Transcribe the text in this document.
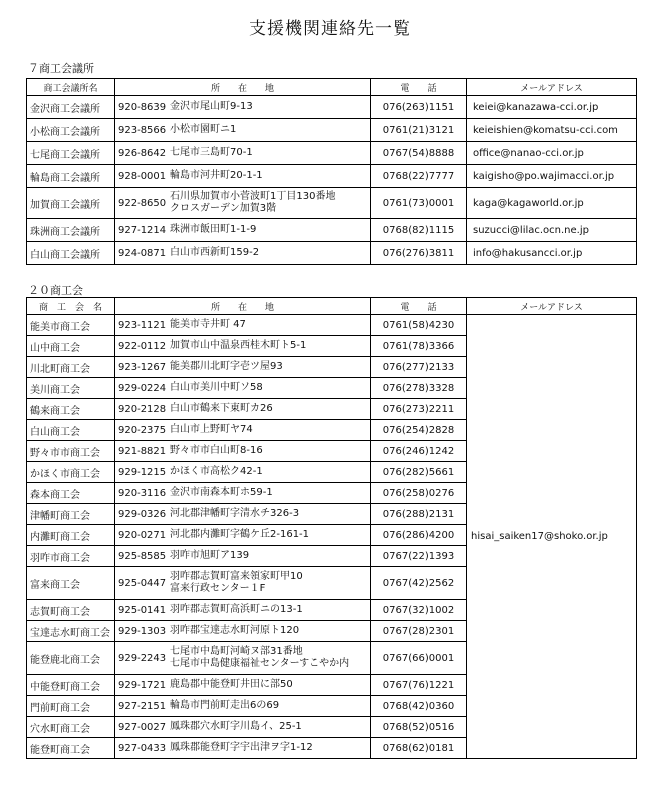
支援機関連絡先一覧
７商工会議所
商工会議所名	所　　在　　地	電　　話	メールアドレス
金沢商工会議所	920-8639 金沢市尾山町9-13	076(263)1151	keiei@kanazawa-cci.or.jp
小松商工会議所	923-8566 小松市園町ニ1	0761(21)3121	keieishien@komatsu-cci.com
七尾商工会議所	926-8642 七尾市三島町70-1	0767(54)8888	office@nanao-cci.or.jp
輪島商工会議所	928-0001 輪島市河井町20-1-1	0768(22)7777	kaigisho@po.wajimacci.or.jp
加賀商工会議所	922-8650石川県加賀市小菅波町1丁目130番地
クロスガーデン加賀3階	0761(73)0001	kaga@kagaworld.or.jp
珠洲商工会議所	927-1214 珠洲市飯田町1-1-9	0768(82)1115	suzucci@lilac.ocn.ne.jp
白山商工会議所	924-0871 白山市西新町159-2	076(276)3811	info@hakusancci.or.jp
２０商工会
商　工　会　名	所　　在　　地	電　　話	メールアドレス
能美市商工会	923-1121 能美市寺井町 47	0761(58)4230	hisai_saiken17@shoko.or.jp
山中商工会	922-0112 加賀市山中温泉西桂木町ト5-1	0761(78)3366	
川北町商工会	923-1267 能美郡川北町字壱ツ屋93	076(277)2133	
美川商工会	929-0224 白山市美川中町ソ58	076(278)3328	
鶴来商工会	920-2128 白山市鶴来下東町カ26	076(273)2211	
白山商工会	920-2375 白山市上野町ヤ74	076(254)2828	
野々市市商工会	921-8821 野々市市白山町8-16	076(246)1242	
かほく市商工会	929-1215 かほく市高松ク42-1	076(282)5661	
森本商工会	920-3116 金沢市南森本町ホ59-1	076(258)0276	
津幡町商工会	929-0326 河北郡津幡町字清水チ326-3	076(288)2131	
内灘町商工会	920-0271 河北郡内灘町字鶴ケ丘2-161-1	076(286)4200	
羽咋市商工会	925-8585 羽咋市旭町ア139	0767(22)1393	
富来商工会	925-0447羽咋郡志賀町富来領家町甲10
富来行政センター１F	0767(42)2562	
志賀町商工会	925-0141 羽咋郡志賀町高浜町ニの13-1	0767(32)1002	
宝達志水町商工会	929-1303 羽咋郡宝達志水町河原ト120	0767(28)2301	
能登鹿北商工会	929-2243七尾市中島町河崎ヌ部31番地
七尾市中島健康福祉センターすこやか内	0767(66)0001	
中能登町商工会	929-1721 鹿島郡中能登町井田に部50	0767(76)1221	
門前町商工会	927-2151 輪島市門前町走出6の69	0768(42)0360	
穴水町商工会	927-0027 鳳珠郡穴水町字川島イ、25-1	0768(52)0516	
能登町商工会	927-0433 鳳珠郡能登町字宇出津ヲ字1-12	0768(62)0181	
